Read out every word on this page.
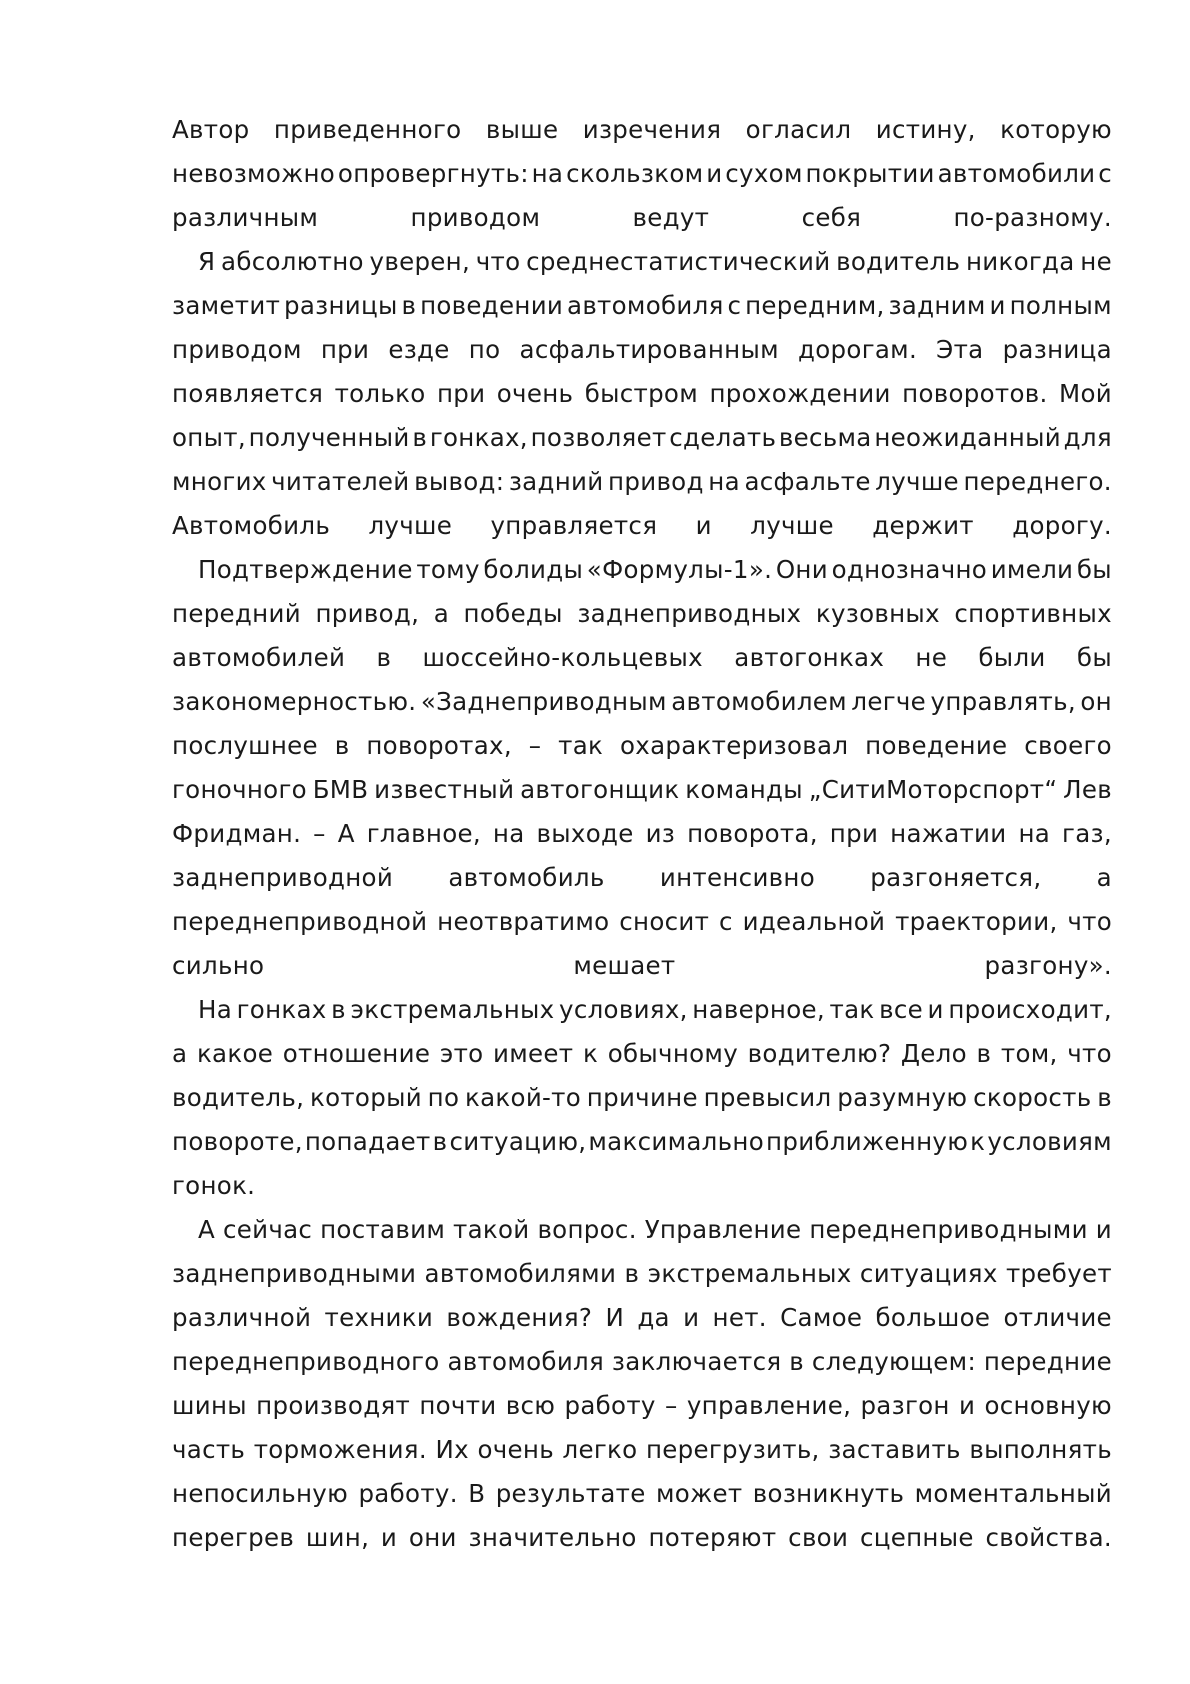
Автор приведенного выше изречения огласил истину, которую
невозможно опровергнуть: на скользком и сухом покрытии автомобили с
различным	приводом	ведут	себя	по-разному.
Я абсолютно уверен, что среднестатистический водитель никогда не
заметит разницы в поведении автомобиля с передним, задним и полным
приводом при езде по асфальтированным дорогам. Эта разница
появляется только при очень быстром прохождении поворотов. Мой
опыт, полученный в гонках, позволяет сделать весьма неожиданный для
многих читателей вывод: задний привод на асфальте лучше переднего.
Автомобиль лучше управляется и лучше держит дорогу.
Подтверждение тому болиды «Формулы-1». Они однозначно имели бы
передний привод, а победы заднеприводных кузовных спортивных
автомобилей в шоссейно-кольцевых автогонках не были бы
закономерностью. «Заднеприводным автомобилем легче управлять, он
послушнее в поворотах, – так охарактеризовал поведение своего
гоночного БМВ известный автогонщик команды „СитиМоторспорт“ Лев
Фридман. – А главное, на выходе из поворота, при нажатии на газ,
заднеприводной автомобиль интенсивно разгоняется, а
переднеприводной неотвратимо сносит с идеальной траектории, что
сильно	мешает	разгону».
На гонках в экстремальных условиях, наверное, так все и происходит,
а какое отношение это имеет к обычному водителю? Дело в том, что
водитель, который по какой-то причине превысил разумную скорость в
повороте, попадает в ситуацию, максимально приближенную к условиям
гонок.
А сейчас поставим такой вопрос. Управление переднеприводными и
заднеприводными автомобилями в экстремальных ситуациях требует
различной техники вождения? И да и нет. Самое большое отличие
переднеприводного автомобиля заключается в следующем: передние
шины производят почти всю работу – управление, разгон и основную
часть торможения. Их очень легко перегрузить, заставить выполнять
непосильную работу. В результате может возникнуть моментальный
перегрев шин, и они значительно потеряют свои сцепные свойства.
